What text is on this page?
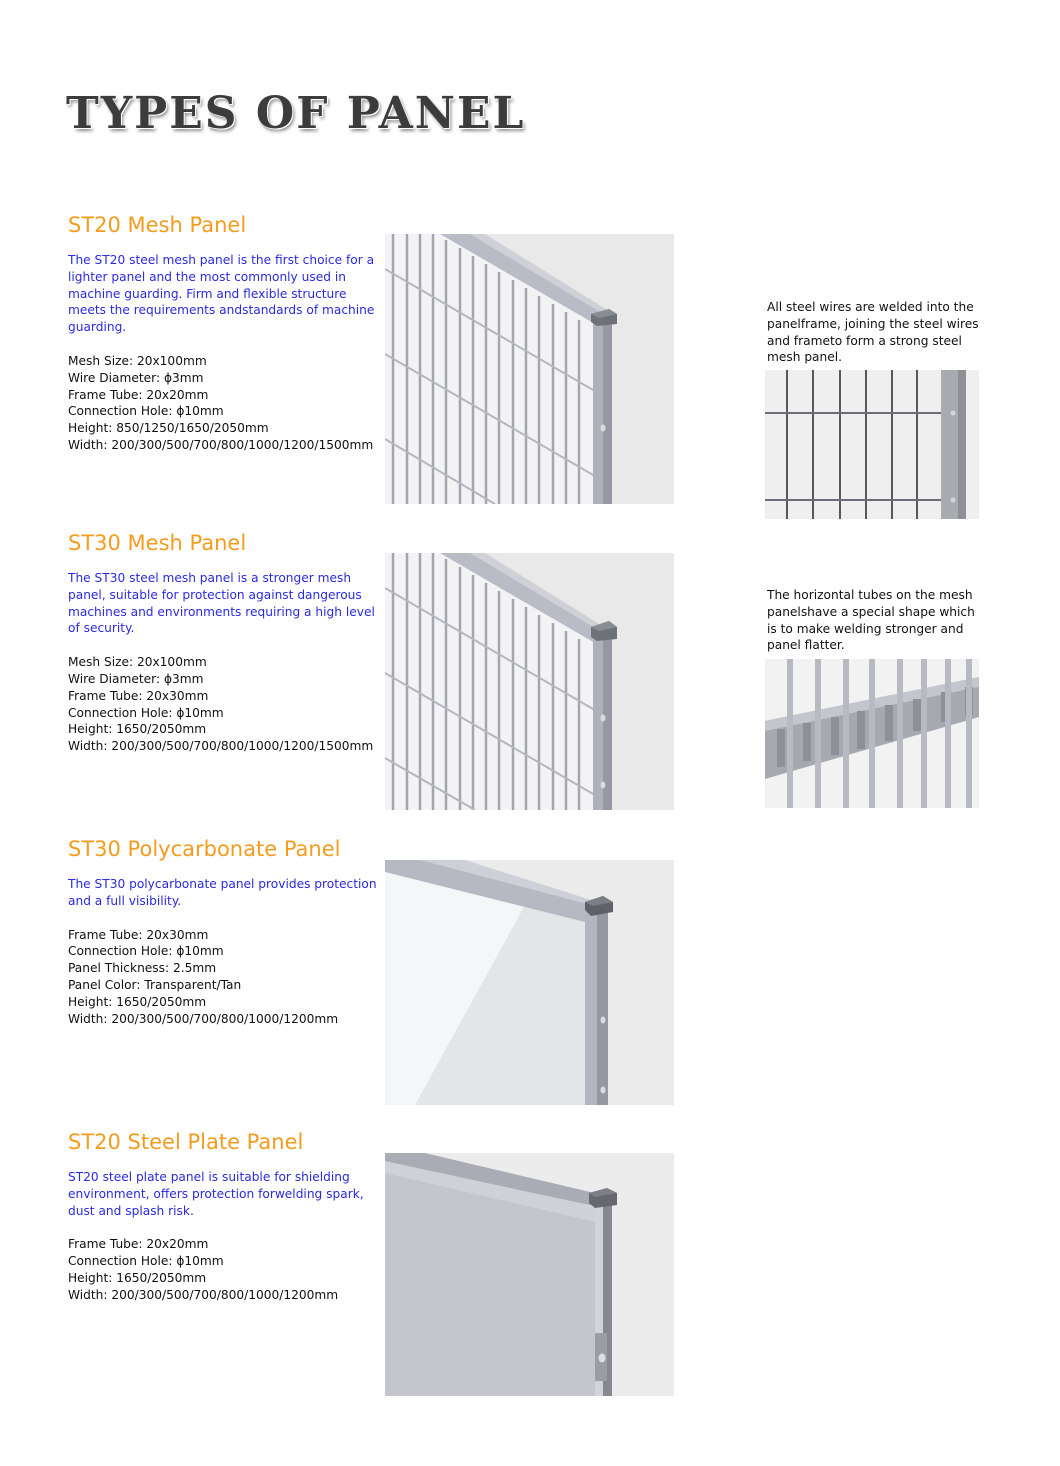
TYPES OF PANEL
ST20 Mesh Panel
The ST20 steel mesh panel is the first choice for a lighter panel and the most commonly used in machine guarding. Firm and flexible structure meets the requirements andstandards of machine guarding.
Mesh Size: 20x100mm
Wire Diameter: ϕ3mm
Frame Tube: 20x20mm
Connection Hole: ϕ10mm
Height: 850/1250/1650/2050mm
Width: 200/300/500/700/800/1000/1200/1500mm
ST30 Mesh Panel
The ST30 steel mesh panel is a stronger mesh panel, suitable for protection against dangerous machines and environments requiring a high level of security.
Mesh Size: 20x100mm
Wire Diameter: ϕ3mm
Frame Tube: 20x30mm
Connection Hole: ϕ10mm
Height: 1650/2050mm
Width: 200/300/500/700/800/1000/1200/1500mm
ST30 Polycarbonate Panel
The ST30 polycarbonate panel provides protection and a full visibility.
Frame Tube: 20x30mm
Connection Hole: ϕ10mm
Panel Thickness: 2.5mm
Panel Color: Transparent/Tan
Height: 1650/2050mm
Width: 200/300/500/700/800/1000/1200mm
ST20 Steel Plate Panel
ST20 steel plate panel is suitable for shielding environment, offers protection forwelding spark, dust and splash risk.
Frame Tube: 20x20mm
Connection Hole: ϕ10mm
Height: 1650/2050mm
Width: 200/300/500/700/800/1000/1200mm
All steel wires are welded into the panelframe, joining the steel wires and frameto form a strong steel mesh panel.
The horizontal tubes on the mesh panelshave a special shape which is to make welding stronger and panel flatter.
